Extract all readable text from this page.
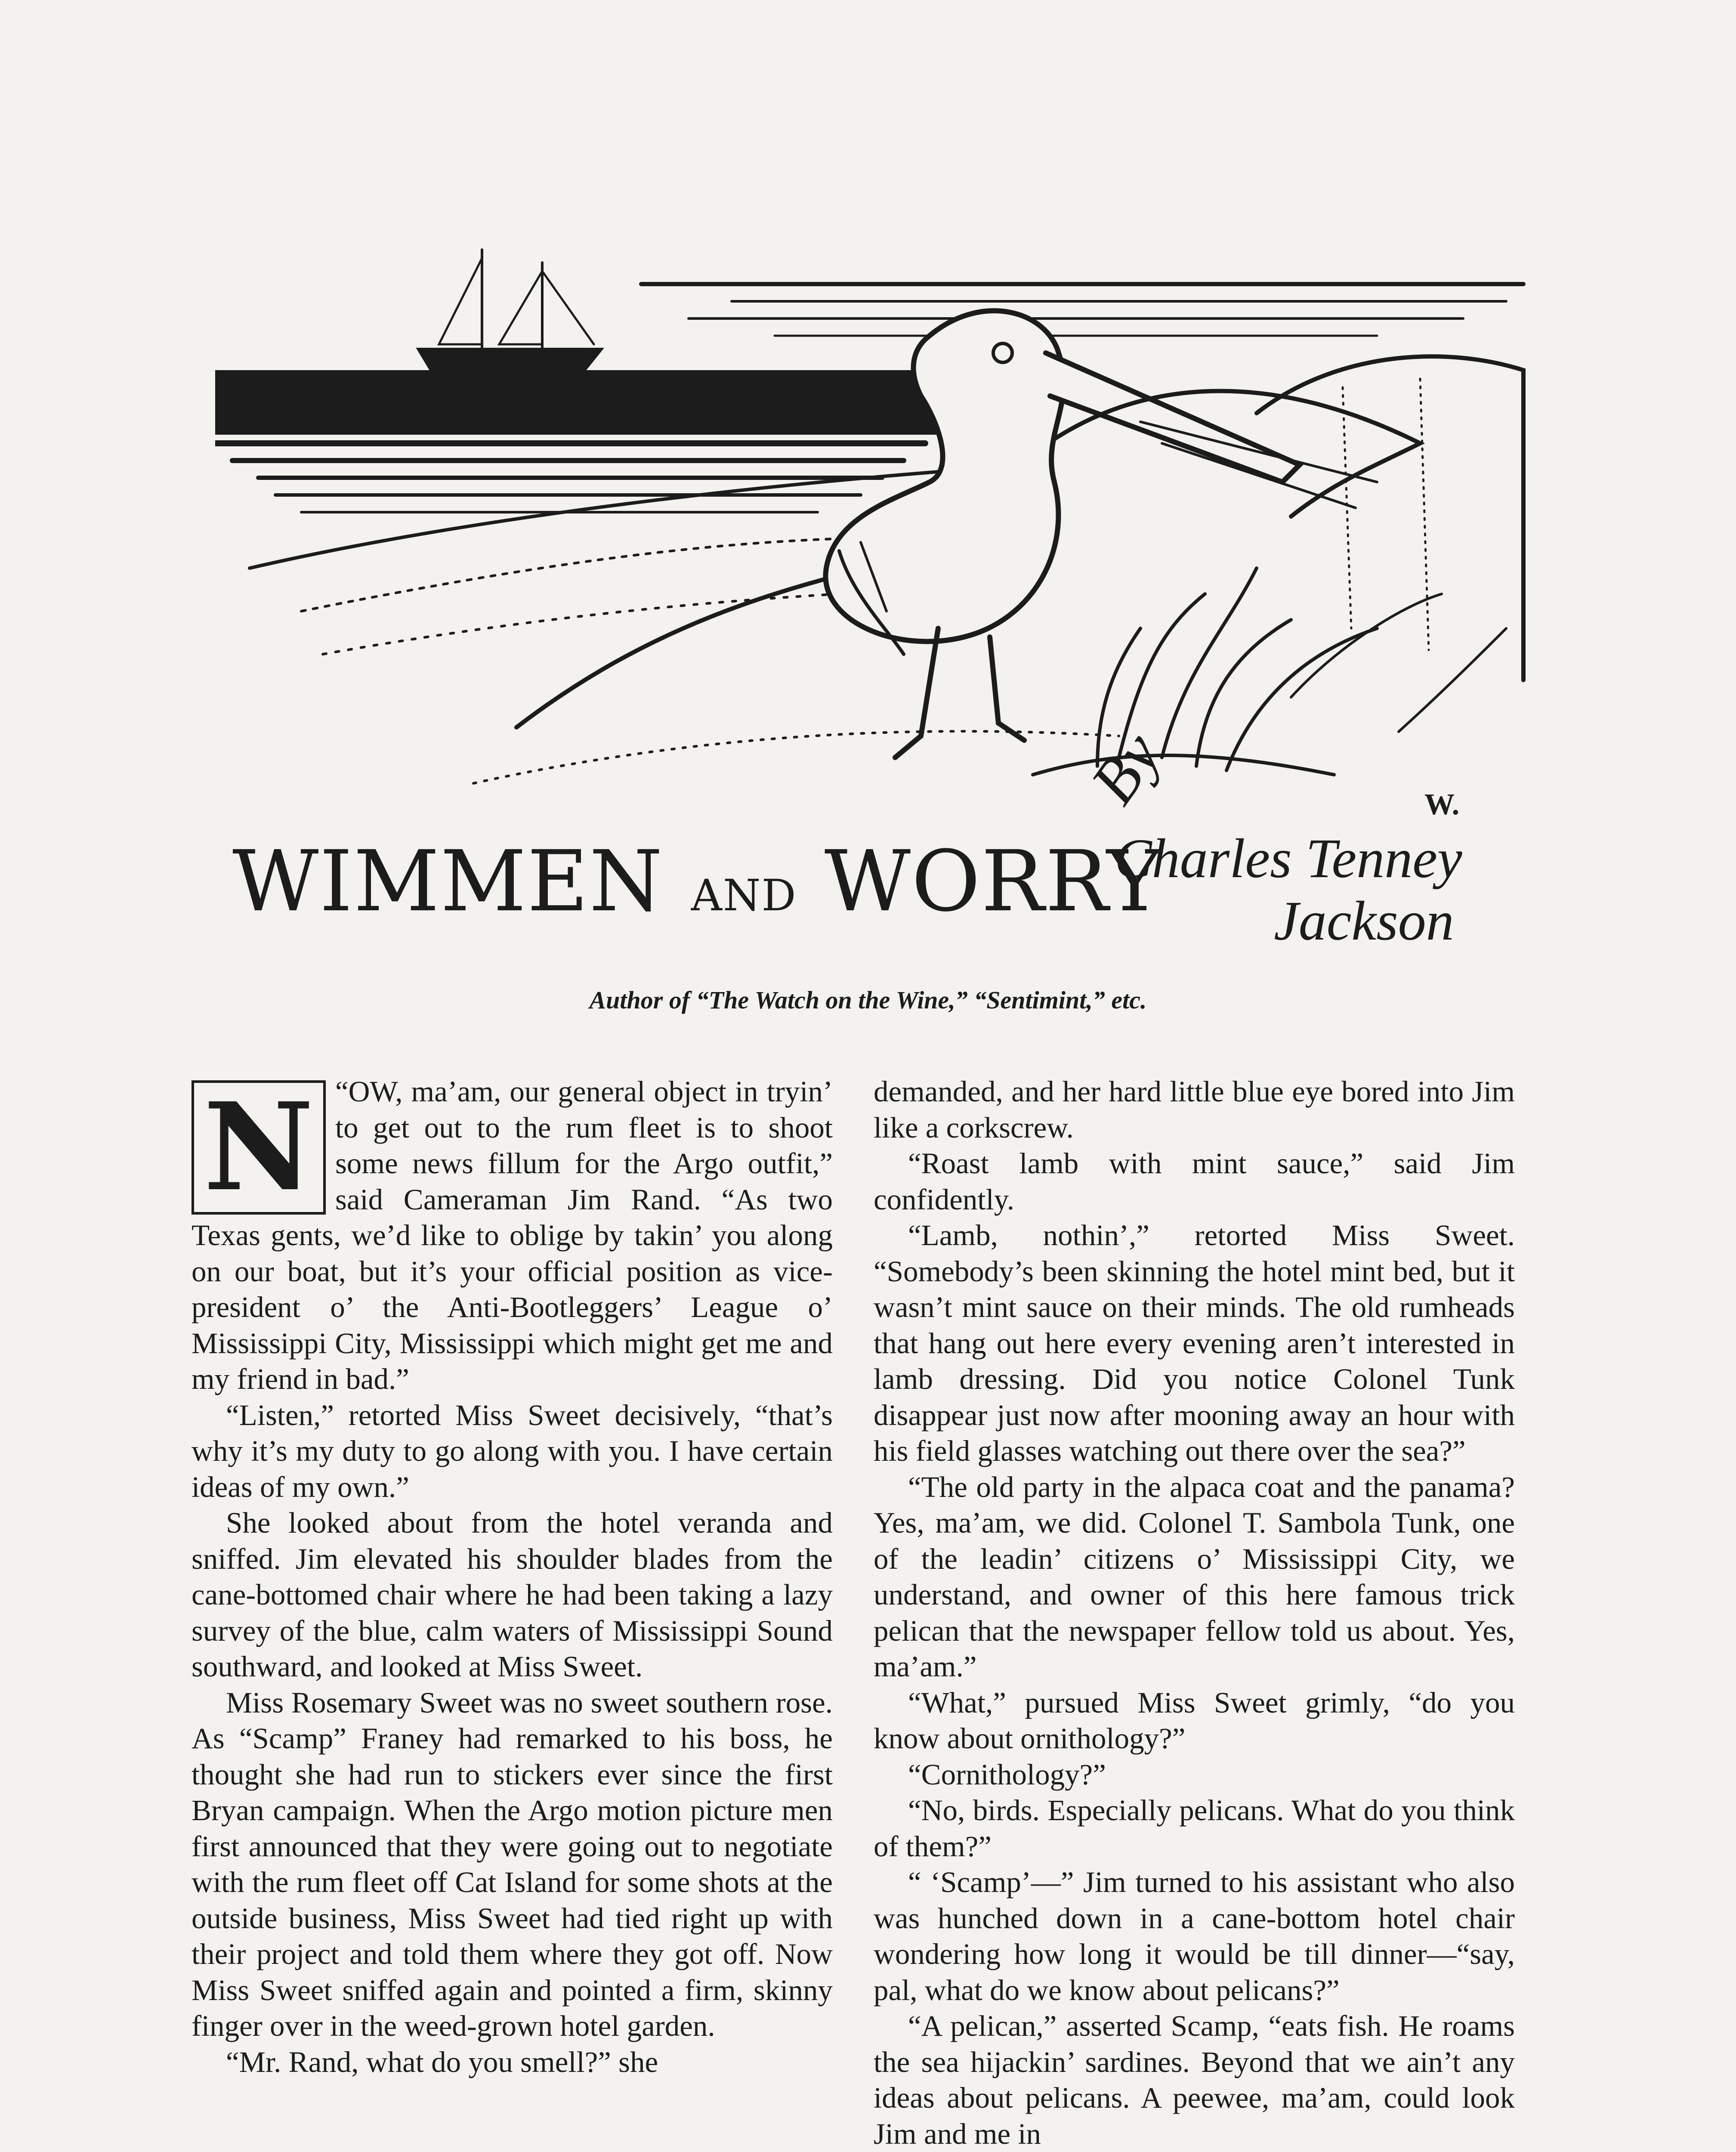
WIMMEN AND WORRY
By
Charles Tenney
Jackson
W.
Author of “The Watch on the Wine,” “Sentimint,” etc.

“
N	OW, ma’am, our general object in tryin’ to get out to the rum fleet is to shoot some news fillum for the Argo outfit,” said Cameraman Jim Rand. “As two Texas gents, we’d like to oblige by takin’ you along on our boat, but it’s your official position as vice-president o’ the Anti-Bootleggers’ League o’ Mississippi City, Mississippi which might get me and my friend in bad.”

“Listen,” retorted Miss Sweet decisively, “that’s why it’s my duty to go along with you. I have certain ideas of my own.”

She looked about from the hotel veranda and sniffed. Jim elevated his shoulder blades from the cane-bottomed chair where he had been taking a lazy survey of the blue, calm waters of Mississippi Sound southward, and looked at Miss Sweet.

Miss Rosemary Sweet was no sweet southern rose. As “Scamp” Franey had remarked to his boss, he thought she had run to stickers ever since the first Bryan campaign. When the Argo motion picture men first announced that they were going out to negotiate with the rum fleet off Cat Island for some shots at the outside business, Miss Sweet had tied right up with their project and told them where they got off. Now Miss Sweet sniffed again and pointed a firm, skinny finger over in the weed-grown hotel garden.

“Mr. Rand, what do you smell?” she

demanded, and her hard little blue eye bored into Jim like a corkscrew.

“Roast lamb with mint sauce,” said Jim confidently.

“Lamb, nothin’,” retorted Miss Sweet. “Somebody’s been skinning the hotel mint bed, but it wasn’t mint sauce on their minds. The old rumheads that hang out here every evening aren’t interested in lamb dressing. Did you notice Colonel Tunk disappear just now after mooning away an hour with his field glasses watching out there over the sea?”

“The old party in the alpaca coat and the panama? Yes, ma’am, we did. Colonel T. Sambola Tunk, one of the leadin’ citizens o’ Mississippi City, we understand, and owner of this here famous trick pelican that the newspaper fellow told us about. Yes, ma’am.”

“What,” pursued Miss Sweet grimly, “do you know about ornithology?”

“Cornithology?”

“No, birds. Especially pelicans. What do you think of them?”

“ ‘Scamp’—” Jim turned to his assistant who also was hunched down in a cane-bottom hotel chair wondering how long it would be till dinner—“say, pal, what do we know about pelicans?”

“A pelican,” asserted Scamp, “eats fish. He roams the sea hijackin’ sardines. Beyond that we ain’t any ideas about pelicans. A peewee, ma’am, could look Jim and me in
